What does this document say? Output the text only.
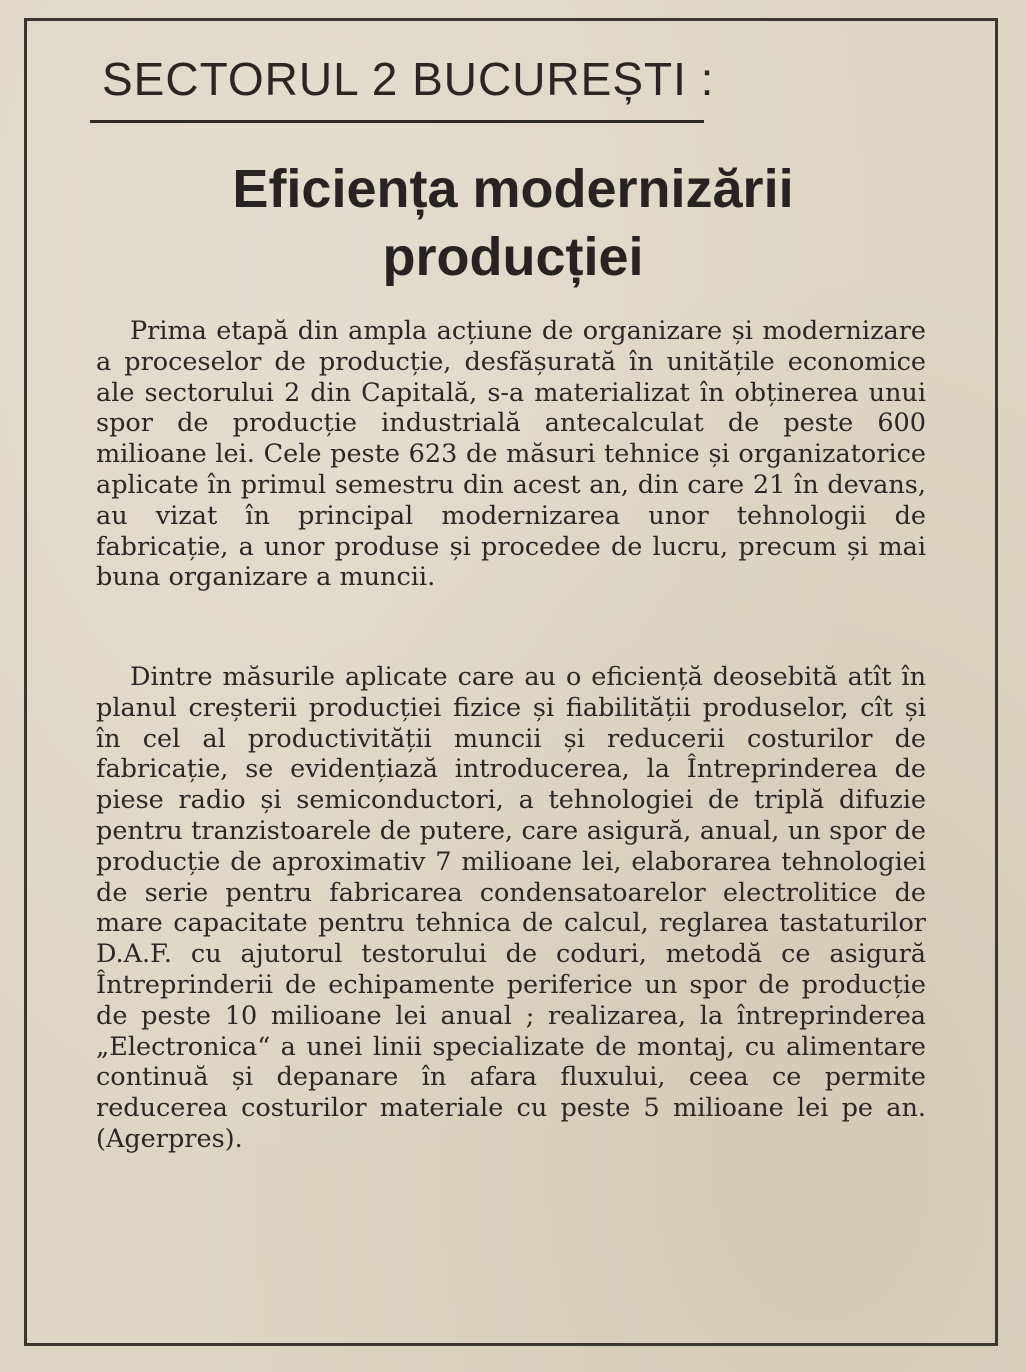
SECTORUL 2 BUCUREȘTI :
Eficiența modernizării
producției

Prima etapă din ampla acțiune de organizare și modernizare a proceselor de producție, desfășurată în unitățile economice ale sectorului 2 din Capitală, s-a materializat în obținerea unui spor de producție industrială antecalculat de peste 600 milioane lei. Cele peste 623 de măsuri tehnice și organizatorice aplicate în primul semestru din acest an, din care 21 în devans, au vizat în principal modernizarea unor tehnologii de fabricație, a unor produse și procedee de lucru, precum și mai buna organizare a muncii.

Dintre măsurile aplicate care au o eficiență deosebită atît în planul creșterii producției fizice și fiabilității produselor, cît și în cel al productivității muncii și reducerii costurilor de fabricație, se evidențiază introducerea, la Întreprinderea de piese radio și semiconductori, a tehnologiei de triplă difuzie pentru tranzistoarele de putere, care asigură, anual, un spor de producție de aproximativ 7 milioane lei, elaborarea tehnologiei de serie pentru fabricarea condensatoarelor electrolitice de mare capacitate pentru tehnica de calcul, reglarea tastaturilor D.A.F. cu ajutorul testorului de coduri, metodă ce asigură Întreprinderii de echipamente periferice un spor de producție de peste 10 milioane lei anual ; realizarea, la întreprinderea „Electronica“ a unei linii specializate de montaj, cu alimentare continuă și depanare în afara fluxului, ceea ce permite reducerea costurilor materiale cu peste 5 milioane lei pe an. (Agerpres).
